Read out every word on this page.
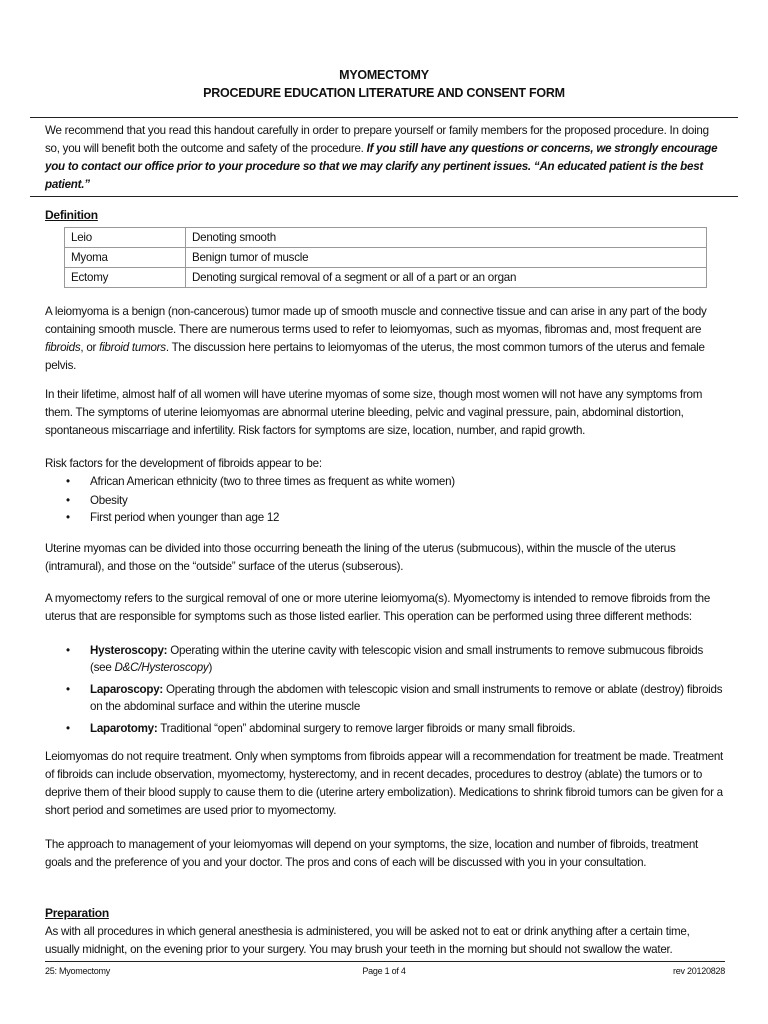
MYOMECTOMY
PROCEDURE EDUCATION LITERATURE AND CONSENT FORM
We recommend that you read this handout carefully in order to prepare yourself or family members for the proposed procedure. In doing so, you will benefit both the outcome and safety of the procedure. If you still have any questions or concerns, we strongly encourage you to contact our office prior to your procedure so that we may clarify any pertinent issues. “An educated patient is the best patient.”
Definition
Leio	Denoting smooth
Myoma	Benign tumor of muscle
Ectomy	Denoting surgical removal of a segment or all of a part or an organ
A leiomyoma is a benign (non-cancerous) tumor made up of smooth muscle and connective tissue and can arise in any part of the body containing smooth muscle. There are numerous terms used to refer to leiomyomas, such as myomas, fibromas and, most frequent are fibroids, or fibroid tumors. The discussion here pertains to leiomyomas of the uterus, the most common tumors of the uterus and female pelvis.
In their lifetime, almost half of all women will have uterine myomas of some size, though most women will not have any symptoms from them. The symptoms of uterine leiomyomas are abnormal uterine bleeding, pelvic and vaginal pressure, pain, abdominal distortion, spontaneous miscarriage and infertility. Risk factors for symptoms are size, location, number, and rapid growth.
Risk factors for the development of fibroids appear to be:
• African American ethnicity (two to three times as frequent as white women)
• Obesity
• First period when younger than age 12
Uterine myomas can be divided into those occurring beneath the lining of the uterus (submucous), within the muscle of the uterus (intramural), and those on the “outside” surface of the uterus (subserous).
A myomectomy refers to the surgical removal of one or more uterine leiomyoma(s). Myomectomy is intended to remove fibroids from the uterus that are responsible for symptoms such as those listed earlier. This operation can be performed using three different methods:
• Hysteroscopy: Operating within the uterine cavity with telescopic vision and small instruments to remove submucous fibroids (see D&C/Hysteroscopy)
• Laparoscopy: Operating through the abdomen with telescopic vision and small instruments to remove or ablate (destroy) fibroids on the abdominal surface and within the uterine muscle
• Laparotomy: Traditional “open” abdominal surgery to remove larger fibroids or many small fibroids.
Leiomyomas do not require treatment. Only when symptoms from fibroids appear will a recommendation for treatment be made. Treatment of fibroids can include observation, myomectomy, hysterectomy, and in recent decades, procedures to destroy (ablate) the tumors or to deprive them of their blood supply to cause them to die (uterine artery embolization). Medications to shrink fibroid tumors can be given for a short period and sometimes are used prior to myomectomy.
The approach to management of your leiomyomas will depend on your symptoms, the size, location and number of fibroids, treatment goals and the preference of you and your doctor. The pros and cons of each will be discussed with you in your consultation.
Preparation
As with all procedures in which general anesthesia is administered, you will be asked not to eat or drink anything after a certain time, usually midnight, on the evening prior to your surgery. You may brush your teeth in the morning but should not swallow the water.
25: Myomectomy	Page 1 of 4	rev 20120828
